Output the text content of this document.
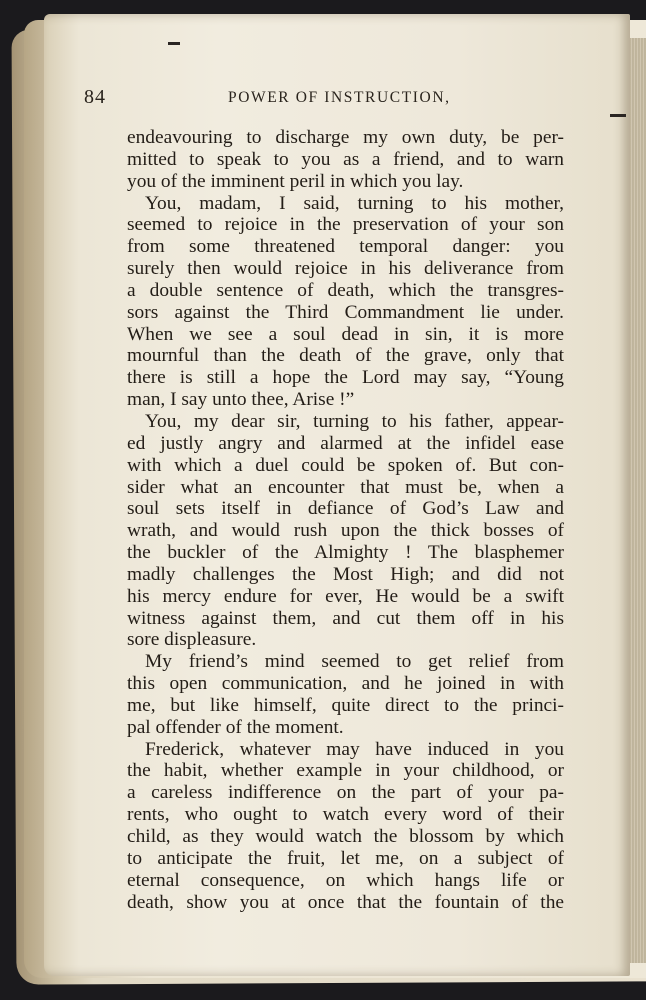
84	POWER OF INSTRUCTION,
endeavouring to discharge my own duty, be per-
mitted to speak to you as a friend, and to warn
you of the imminent peril in which you lay.
You, madam, I said, turning to his mother,
seemed to rejoice in the preservation of your son
from some threatened temporal danger: you
surely then would rejoice in his deliverance from
a double sentence of death, which the transgres-
sors against the Third Commandment lie under.
When we see a soul dead in sin, it is more
mournful than the death of the grave, only that
there is still a hope the Lord may say, “Young
man, I say unto thee, Arise !”
You, my dear sir, turning to his father, appear-
ed justly angry and alarmed at the infidel ease
with which a duel could be spoken of. But con-
sider what an encounter that must be, when a
soul sets itself in defiance of God’s Law and
wrath, and would rush upon the thick bosses of
the buckler of the Almighty ! The blasphemer
madly challenges the Most High; and did not
his mercy endure for ever, He would be a swift
witness against them, and cut them off in his
sore displeasure.
My friend’s mind seemed to get relief from
this open communication, and he joined in with
me, but like himself, quite direct to the princi-
pal offender of the moment.
Frederick, whatever may have induced in you
the habit, whether example in your childhood, or
a careless indifference on the part of your pa-
rents, who ought to watch every word of their
child, as they would watch the blossom by which
to anticipate the fruit, let me, on a subject of
eternal consequence, on which hangs life or
death, show you at once that the fountain of the
